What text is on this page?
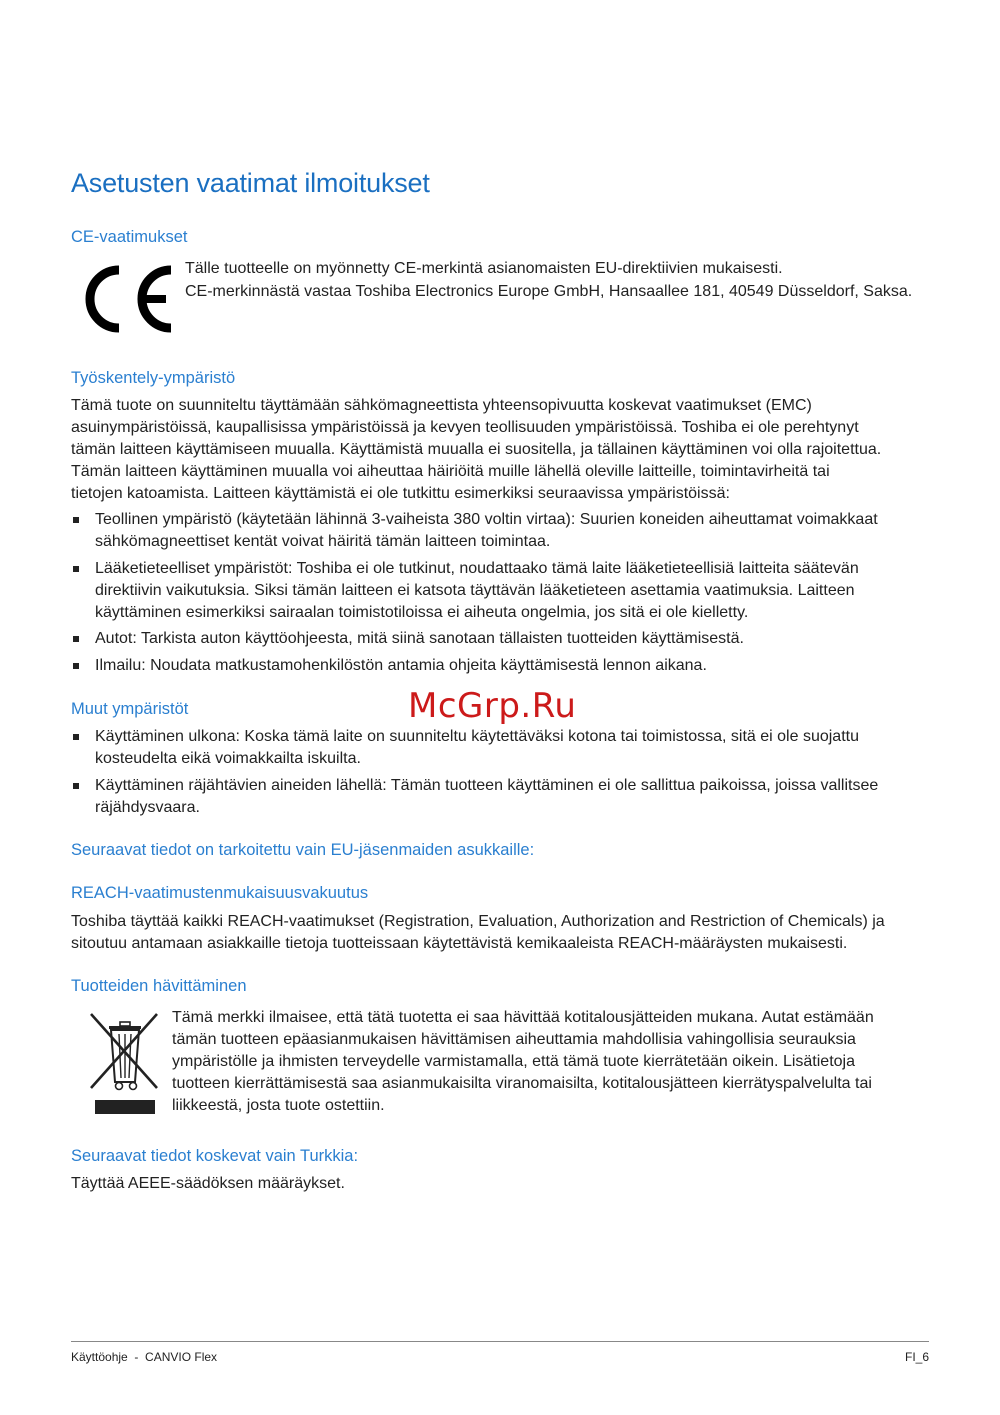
Asetusten vaatimat ilmoitukset
CE-vaatimukset
Tälle tuotteelle on myönnetty CE-merkintä asianomaisten EU-direktiivien mukaisesti.
CE-merkinnästä vastaa Toshiba Electronics Europe GmbH, Hansaallee 181, 40549 Düsseldorf, Saksa.
Työskentely-ympäristö
Tämä tuote on suunniteltu täyttämään sähkömagneettista yhteensopivuutta koskevat vaatimukset (EMC)
asuinympäristöissä, kaupallisissa ympäristöissä ja kevyen teollisuuden ympäristöissä. Toshiba ei ole perehtynyt
tämän laitteen käyttämiseen muualla. Käyttämistä muualla ei suositella, ja tällainen käyttäminen voi olla rajoitettua.
Tämän laitteen käyttäminen muualla voi aiheuttaa häiriöitä muille lähellä oleville laitteille, toimintavirheitä tai
tietojen katoamista. Laitteen käyttämistä ei ole tutkittu esimerkiksi seuraavissa ympäristöissä:
Teollinen ympäristö (käytetään lähinnä 3-vaiheista 380 voltin virtaa): Suurien koneiden aiheuttamat voimakkaat
sähkömagneettiset kentät voivat häiritä tämän laitteen toimintaa.
Lääketieteelliset ympäristöt: Toshiba ei ole tutkinut, noudattaako tämä laite lääketieteellisiä laitteita säätevän
direktiivin vaikutuksia. Siksi tämän laitteen ei katsota täyttävän lääketieteen asettamia vaatimuksia. Laitteen
käyttäminen esimerkiksi sairaalan toimistotiloissa ei aiheuta ongelmia, jos sitä ei ole kielletty.
Autot: Tarkista auton käyttöohjeesta, mitä siinä sanotaan tällaisten tuotteiden käyttämisestä.
Ilmailu: Noudata matkustamohenkilöstön antamia ohjeita käyttämisestä lennon aikana.
Muut ympäristöt
Käyttäminen ulkona: Koska tämä laite on suunniteltu käytettäväksi kotona tai toimistossa, sitä ei ole suojattu
kosteudelta eikä voimakkailta iskuilta.
Käyttäminen räjähtävien aineiden lähellä: Tämän tuotteen käyttäminen ei ole sallittua paikoissa, joissa vallitsee
räjähdysvaara.
Seuraavat tiedot on tarkoitettu vain EU-jäsenmaiden asukkaille:
REACH-vaatimustenmukaisuusvakuutus
Toshiba täyttää kaikki REACH-vaatimukset (Registration, Evaluation, Authorization and Restriction of Chemicals) ja
sitoutuu antamaan asiakkaille tietoja tuotteissaan käytettävistä kemikaaleista REACH-määräysten mukaisesti.
Tuotteiden hävittäminen
Tämä merkki ilmaisee, että tätä tuotetta ei saa hävittää kotitalousjätteiden mukana. Autat estämään
tämän tuotteen epäasianmukaisen hävittämisen aiheuttamia mahdollisia vahingollisia seurauksia
ympäristölle ja ihmisten terveydelle varmistamalla, että tämä tuote kierrätetään oikein. Lisätietoja
tuotteen kierrättämisestä saa asianmukaisilta viranomaisilta, kotitalousjätteen kierrätyspalvelulta tai
liikkeestä, josta tuote ostettiin.
Seuraavat tiedot koskevat vain Turkkia:
Täyttää AEEE-säädöksen määräykset.
McGrp.Ru
Käyttöohje  -  CANVIO Flex	FI_6
